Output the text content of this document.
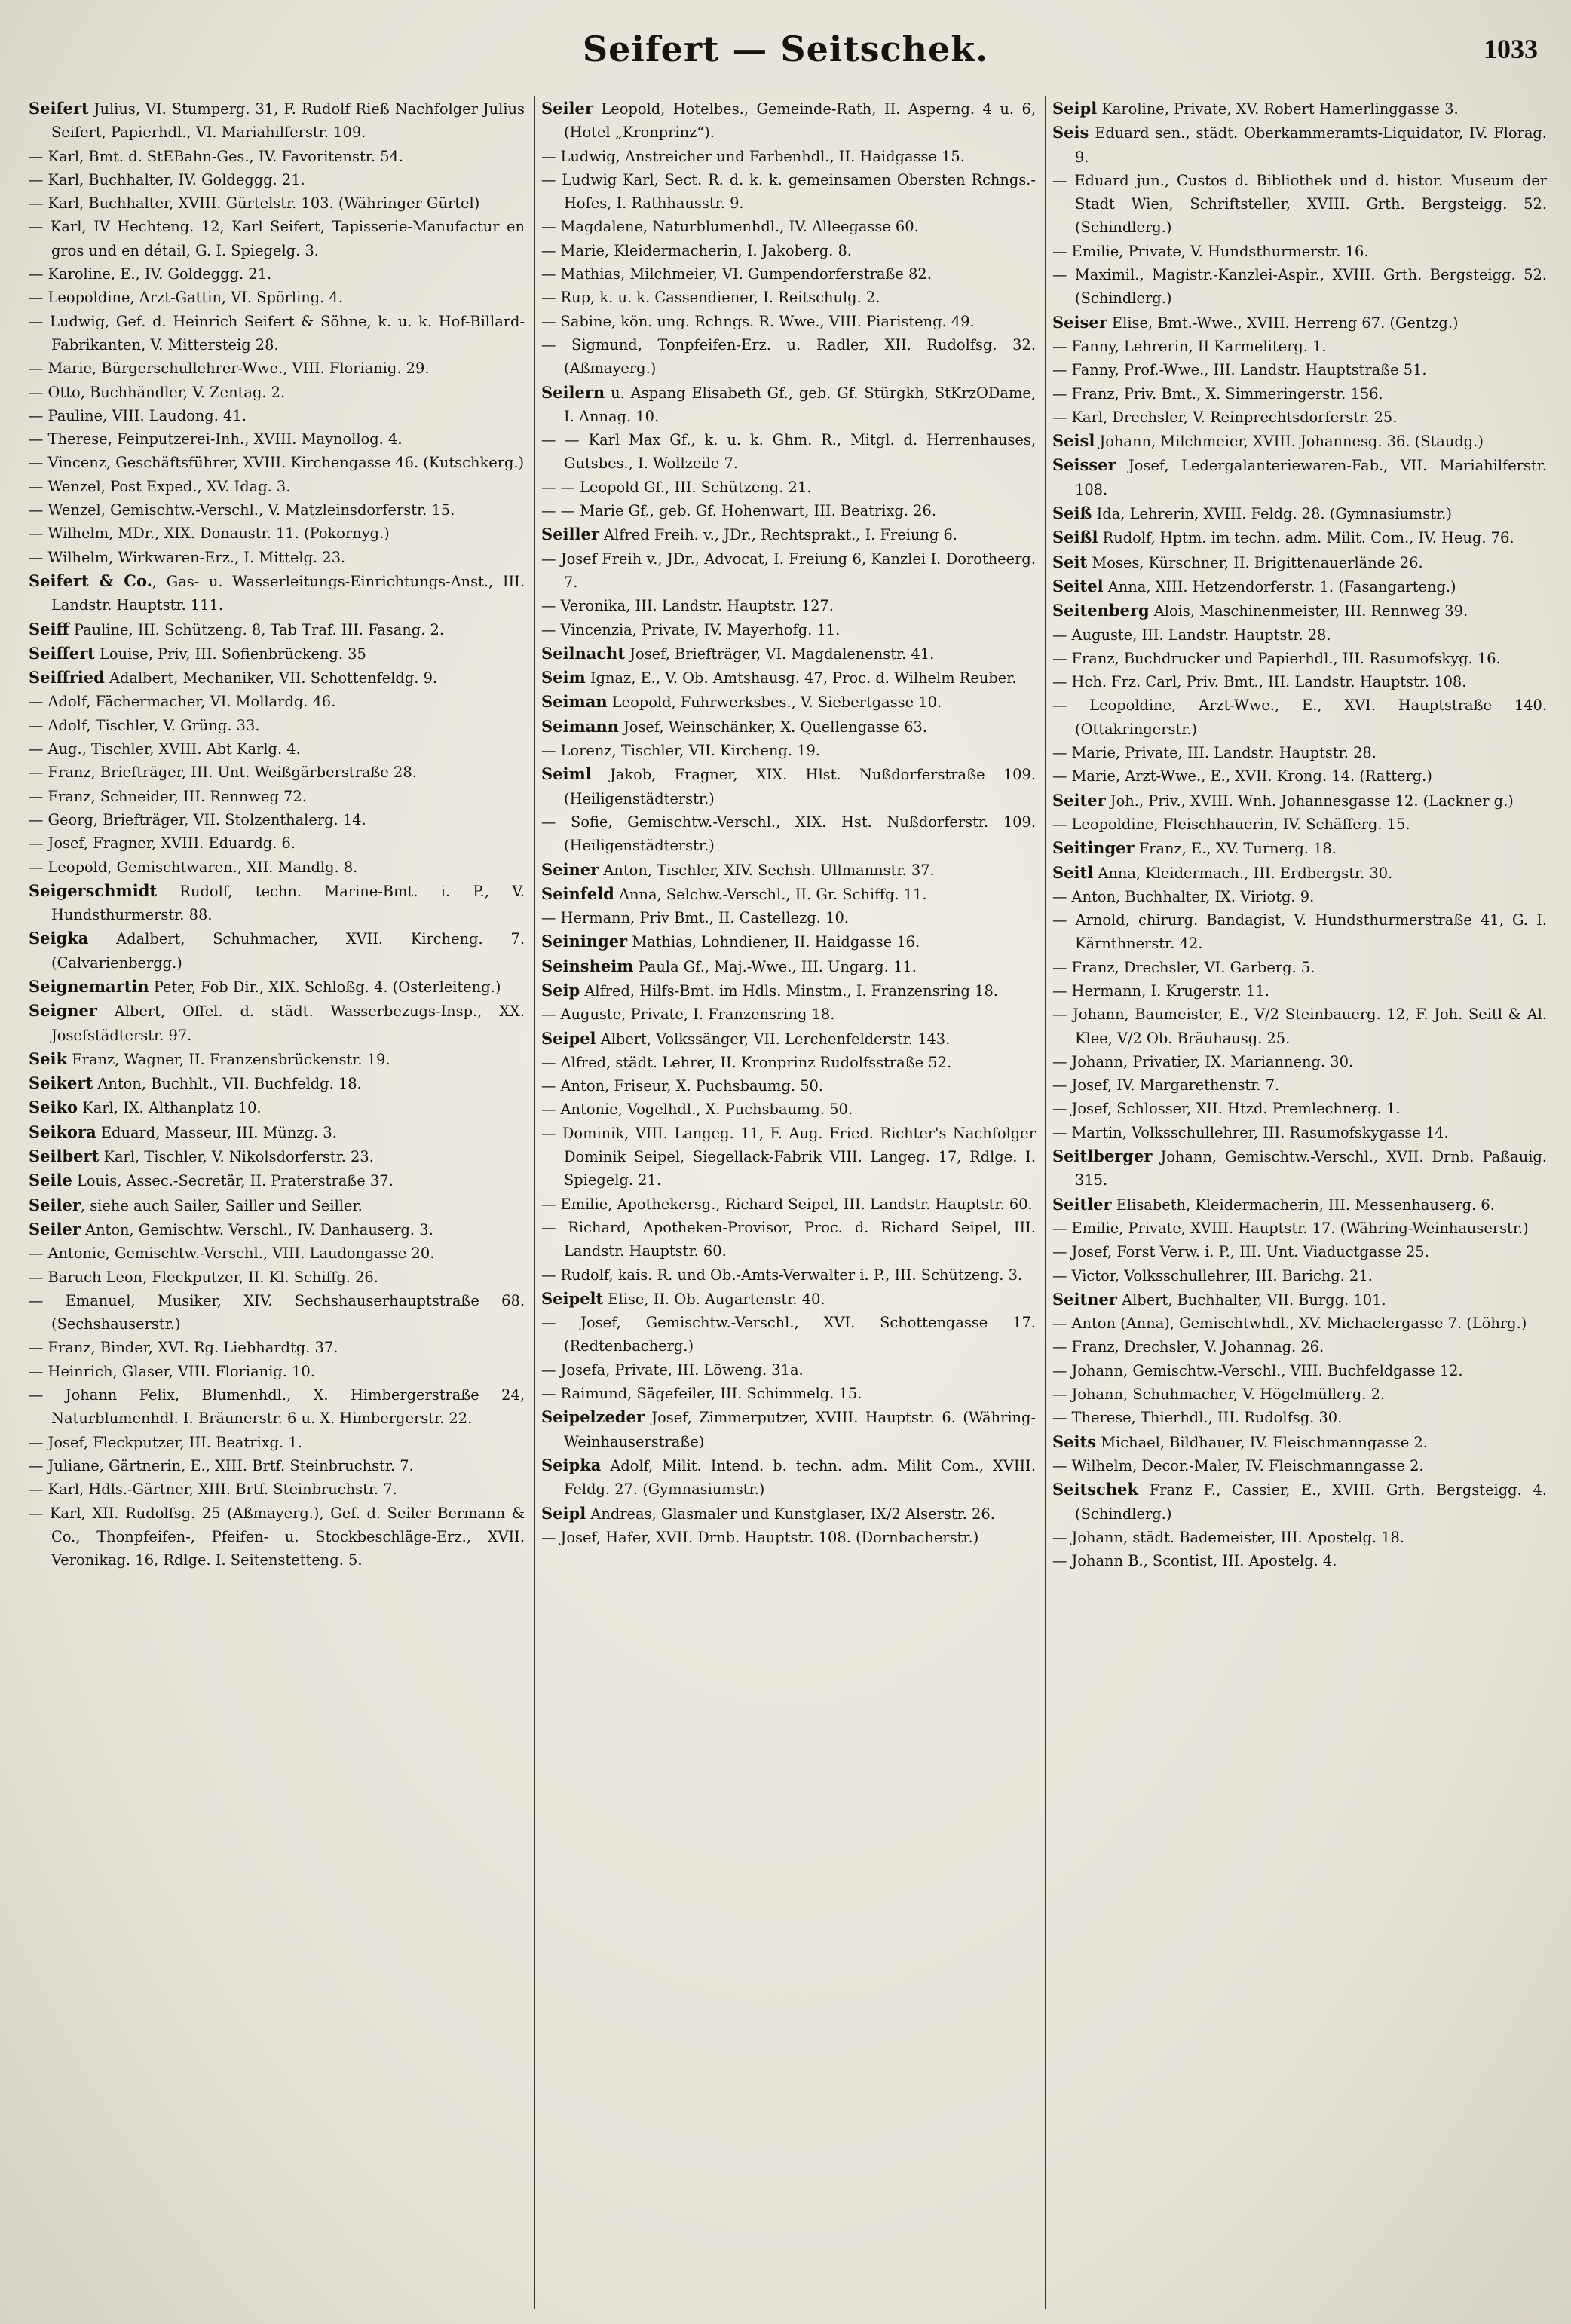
Seifert — Seitschek.	1033
Seifert Julius, VI. Stumperg. 31, F. Rudolf Rieß Nachfolger Julius Seifert, Papierhdl., VI. Mariahilferstr. 109.
— Karl, Bmt. d. StEBahn-Ges., IV. Favoritenstr. 54.
— Karl, Buchhalter, IV. Goldeggg. 21.
— Karl, Buchhalter, XVIII. Gürtelstr. 103. (Währinger Gürtel)
— Karl, IV Hechteng. 12, Karl Seifert, Tapisserie-Manufactur en gros und en détail, G. I. Spiegelg. 3.
— Karoline, E., IV. Goldeggg. 21.
— Leopoldine, Arzt-Gattin, VI. Spörling. 4.
— Ludwig, Gef. d. Heinrich Seifert & Söhne, k. u. k. Hof-Billard-Fabrikanten, V. Mittersteig 28.
— Marie, Bürgerschullehrer-Wwe., VIII. Florianig. 29.
— Otto, Buchhändler, V. Zentag. 2.
— Pauline, VIII. Laudong. 41.
— Therese, Feinputzerei-Inh., XVIII. Maynollog. 4.
— Vincenz, Geschäftsführer, XVIII. Kirchengasse 46. (Kutschkerg.)
— Wenzel, Post Exped., XV. Idag. 3.
— Wenzel, Gemischtw.-Verschl., V. Matzleinsdorferstr. 15.
— Wilhelm, MDr., XIX. Donaustr. 11. (Pokornyg.)
— Wilhelm, Wirkwaren-Erz., I. Mittelg. 23.
Seifert & Co., Gas- u. Wasserleitungs-Einrichtungs-Anst., III. Landstr. Hauptstr. 111.
Seiff Pauline, III. Schützeng. 8, Tab Traf. III. Fasang. 2.
Seiffert Louise, Priv, III. Sofienbrückeng. 35
Seiffried Adalbert, Mechaniker, VII. Schottenfeldg. 9.
— Adolf, Fächermacher, VI. Mollardg. 46.
— Adolf, Tischler, V. Grüng. 33.
— Aug., Tischler, XVIII. Abt Karlg. 4.
— Franz, Briefträger, III. Unt. Weißgärberstraße 28.
— Franz, Schneider, III. Rennweg 72.
— Georg, Briefträger, VII. Stolzenthalerg. 14.
— Josef, Fragner, XVIII. Eduardg. 6.
— Leopold, Gemischtwaren., XII. Mandlg. 8.
Seigerschmidt Rudolf, techn. Marine-Bmt. i. P., V. Hundsthurmerstr. 88.
Seigka Adalbert, Schuhmacher, XVII. Kircheng. 7. (Calvarienbergg.)
Seignemartin Peter, Fob Dir., XIX. Schloßg. 4. (Osterleiteng.)
Seigner Albert, Offel. d. städt. Wasserbezugs-Insp., XX. Josefstädterstr. 97.
Seik Franz, Wagner, II. Franzensbrückenstr. 19.
Seikert Anton, Buchhlt., VII. Buchfeldg. 18.
Seiko Karl, IX. Althanplatz 10.
Seikora Eduard, Masseur, III. Münzg. 3.
Seilbert Karl, Tischler, V. Nikolsdorferstr. 23.
Seile Louis, Assec.-Secretär, II. Praterstraße 37.
Seiler, siehe auch Sailer, Sailler und Seiller.
Seiler Anton, Gemischtw. Verschl., IV. Danhauserg. 3.
— Antonie, Gemischtw.-Verschl., VIII. Laudongasse 20.
— Baruch Leon, Fleckputzer, II. Kl. Schiffg. 26.
— Emanuel, Musiker, XIV. Sechshauserhauptstraße 68. (Sechshauserstr.)
— Franz, Binder, XVI. Rg. Liebhardtg. 37.
— Heinrich, Glaser, VIII. Florianig. 10.
— Johann Felix, Blumenhdl., X. Himbergerstraße 24, Naturblumenhdl. I. Bräunerstr. 6 u. X. Himbergerstr. 22.
— Josef, Fleckputzer, III. Beatrixg. 1.
— Juliane, Gärtnerin, E., XIII. Brtf. Steinbruchstr. 7.
— Karl, Hdls.-Gärtner, XIII. Brtf. Steinbruchstr. 7.
— Karl, XII. Rudolfsg. 25 (Aßmayerg.), Gef. d. Seiler Bermann & Co., Thonpfeifen-, Pfeifen- u. Stockbeschläge-Erz., XVII. Veronikag. 16, Rdlge. I. Seitenstetteng. 5.
Seiler Leopold, Hotelbes., Gemeinde-Rath, II. Asperng. 4 u. 6, (Hotel „Kronprinz“).
— Ludwig, Anstreicher und Farbenhdl., II. Haidgasse 15.
— Ludwig Karl, Sect. R. d. k. k. gemeinsamen Obersten Rchngs.-Hofes, I. Rathhausstr. 9.
— Magdalene, Naturblumenhdl., IV. Alleegasse 60.
— Marie, Kleidermacherin, I. Jakoberg. 8.
— Mathias, Milchmeier, VI. Gumpendorferstraße 82.
— Rup, k. u. k. Cassendiener, I. Reitschulg. 2.
— Sabine, kön. ung. Rchngs. R. Wwe., VIII. Piaristeng. 49.
— Sigmund, Tonpfeifen-Erz. u. Radler, XII. Rudolfsg. 32. (Aßmayerg.)
Seilern u. Aspang Elisabeth Gf., geb. Gf. Stürgkh, StKrzODame, I. Annag. 10.
— — Karl Max Gf., k. u. k. Ghm. R., Mitgl. d. Herrenhauses, Gutsbes., I. Wollzeile 7.
— — Leopold Gf., III. Schützeng. 21.
— — Marie Gf., geb. Gf. Hohenwart, III. Beatrixg. 26.
Seiller Alfred Freih. v., JDr., Rechtsprakt., I. Freiung 6.
— Josef Freih v., JDr., Advocat, I. Freiung 6, Kanzlei I. Dorotheerg. 7.
— Veronika, III. Landstr. Hauptstr. 127.
— Vincenzia, Private, IV. Mayerhofg. 11.
Seilnacht Josef, Briefträger, VI. Magdalenenstr. 41.
Seim Ignaz, E., V. Ob. Amtshausg. 47, Proc. d. Wilhelm Reuber.
Seiman Leopold, Fuhrwerksbes., V. Siebertgasse 10.
Seimann Josef, Weinschänker, X. Quellengasse 63.
— Lorenz, Tischler, VII. Kircheng. 19.
Seiml Jakob, Fragner, XIX. Hlst. Nußdorferstraße 109. (Heiligenstädterstr.)
— Sofie, Gemischtw.-Verschl., XIX. Hst. Nußdorferstr. 109. (Heiligenstädterstr.)
Seiner Anton, Tischler, XIV. Sechsh. Ullmannstr. 37.
Seinfeld Anna, Selchw.-Verschl., II. Gr. Schiffg. 11.
— Hermann, Priv Bmt., II. Castellezg. 10.
Seininger Mathias, Lohndiener, II. Haidgasse 16.
Seinsheim Paula Gf., Maj.-Wwe., III. Ungarg. 11.
Seip Alfred, Hilfs-Bmt. im Hdls. Minstm., I. Franzensring 18.
— Auguste, Private, I. Franzensring 18.
Seipel Albert, Volkssänger, VII. Lerchenfelderstr. 143.
— Alfred, städt. Lehrer, II. Kronprinz Rudolfsstraße 52.
— Anton, Friseur, X. Puchsbaumg. 50.
— Antonie, Vogelhdl., X. Puchsbaumg. 50.
— Dominik, VIII. Langeg. 11, F. Aug. Fried. Richter's Nachfolger Dominik Seipel, Siegellack-Fabrik VIII. Langeg. 17, Rdlge. I. Spiegelg. 21.
— Emilie, Apothekersg., Richard Seipel, III. Landstr. Hauptstr. 60.
— Richard, Apotheken-Provisor, Proc. d. Richard Seipel, III. Landstr. Hauptstr. 60.
— Rudolf, kais. R. und Ob.-Amts-Verwalter i. P., III. Schützeng. 3.
Seipelt Elise, II. Ob. Augartenstr. 40.
— Josef, Gemischtw.-Verschl., XVI. Schottengasse 17. (Redtenbacherg.)
— Josefa, Private, III. Löweng. 31a.
— Raimund, Sägefeiler, III. Schimmelg. 15.
Seipelzeder Josef, Zimmerputzer, XVIII. Hauptstr. 6. (Währing-Weinhauserstraße)
Seipka Adolf, Milit. Intend. b. techn. adm. Milit Com., XVIII. Feldg. 27. (Gymnasiumstr.)
Seipl Andreas, Glasmaler und Kunstglaser, IX/2 Alserstr. 26.
— Josef, Hafer, XVII. Drnb. Hauptstr. 108. (Dornbacherstr.)
Seipl Karoline, Private, XV. Robert Hamerlinggasse 3.
Seis Eduard sen., städt. Oberkammeramts-Liquidator, IV. Florag. 9.
— Eduard jun., Custos d. Bibliothek und d. histor. Museum der Stadt Wien, Schriftsteller, XVIII. Grth. Bergsteigg. 52. (Schindlerg.)
— Emilie, Private, V. Hundsthurmerstr. 16.
— Maximil., Magistr.-Kanzlei-Aspir., XVIII. Grth. Bergsteigg. 52. (Schindlerg.)
Seiser Elise, Bmt.-Wwe., XVIII. Herreng 67. (Gentzg.)
— Fanny, Lehrerin, II Karmeliterg. 1.
— Fanny, Prof.-Wwe., III. Landstr. Hauptstraße 51.
— Franz, Priv. Bmt., X. Simmeringerstr. 156.
— Karl, Drechsler, V. Reinprechtsdorferstr. 25.
Seisl Johann, Milchmeier, XVIII. Johannesg. 36. (Staudg.)
Seisser Josef, Ledergalanteriewaren-Fab., VII. Mariahilferstr. 108.
Seiß Ida, Lehrerin, XVIII. Feldg. 28. (Gymnasiumstr.)
Seißl Rudolf, Hptm. im techn. adm. Milit. Com., IV. Heug. 76.
Seit Moses, Kürschner, II. Brigittenauerlände 26.
Seitel Anna, XIII. Hetzendorferstr. 1. (Fasangarteng.)
Seitenberg Alois, Maschinenmeister, III. Rennweg 39.
— Auguste, III. Landstr. Hauptstr. 28.
— Franz, Buchdrucker und Papierhdl., III. Rasumofskyg. 16.
— Hch. Frz. Carl, Priv. Bmt., III. Landstr. Hauptstr. 108.
— Leopoldine, Arzt-Wwe., E., XVI. Hauptstraße 140. (Ottakringerstr.)
— Marie, Private, III. Landstr. Hauptstr. 28.
— Marie, Arzt-Wwe., E., XVII. Krong. 14. (Ratterg.)
Seiter Joh., Priv., XVIII. Wnh. Johannesgasse 12. (Lackner g.)
— Leopoldine, Fleischhauerin, IV. Schäfferg. 15.
Seitinger Franz, E., XV. Turnerg. 18.
Seitl Anna, Kleidermach., III. Erdbergstr. 30.
— Anton, Buchhalter, IX. Viriotg. 9.
— Arnold, chirurg. Bandagist, V. Hundsthurmerstraße 41, G. I. Kärnthnerstr. 42.
— Franz, Drechsler, VI. Garberg. 5.
— Hermann, I. Krugerstr. 11.
— Johann, Baumeister, E., V/2 Steinbauerg. 12, F. Joh. Seitl & Al. Klee, V/2 Ob. Bräuhausg. 25.
— Johann, Privatier, IX. Marianneng. 30.
— Josef, IV. Margarethenstr. 7.
— Josef, Schlosser, XII. Htzd. Premlechnerg. 1.
— Martin, Volksschullehrer, III. Rasumofskygasse 14.
Seitlberger Johann, Gemischtw.-Verschl., XVII. Drnb. Paßauig. 315.
Seitler Elisabeth, Kleidermacherin, III. Messenhauserg. 6.
— Emilie, Private, XVIII. Hauptstr. 17. (Währing-Weinhauserstr.)
— Josef, Forst Verw. i. P., III. Unt. Viaductgasse 25.
— Victor, Volksschullehrer, III. Barichg. 21.
Seitner Albert, Buchhalter, VII. Burgg. 101.
— Anton (Anna), Gemischtwhdl., XV. Michaelergasse 7. (Löhrg.)
— Franz, Drechsler, V. Johannag. 26.
— Johann, Gemischtw.-Verschl., VIII. Buchfeldgasse 12.
— Johann, Schuhmacher, V. Högelmüllerg. 2.
— Therese, Thierhdl., III. Rudolfsg. 30.
Seits Michael, Bildhauer, IV. Fleischmanngasse 2.
— Wilhelm, Decor.-Maler, IV. Fleischmanngasse 2.
Seitschek Franz F., Cassier, E., XVIII. Grth. Bergsteigg. 4. (Schindlerg.)
— Johann, städt. Bademeister, III. Apostelg. 18.
— Johann B., Scontist, III. Apostelg. 4.
